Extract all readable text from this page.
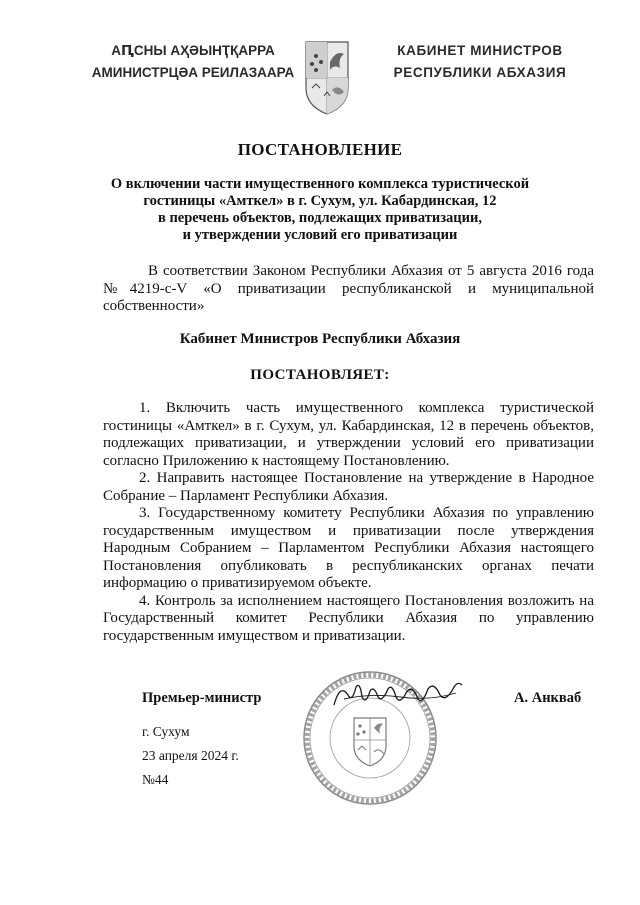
АԤСНЫ АҲӘЫНҬҚАРРА
АМИНИСТРЦӘА РЕИЛАЗААРА
КАБИНЕТ МИНИСТРОВ
РЕСПУБЛИКИ АБХАЗИЯ
ПОСТАНОВЛЕНИЕ
О включении части имущественного комплекса туристической
гостиницы «Амткел» в г. Сухум, ул. Кабардинская, 12
в перечень объектов, подлежащих приватизации,
и утверждении условий его приватизации

В соответствии Законом Республики Абхазия от 5 августа 2016 года №4219-с-V «О приватизации республиканской и муниципальной собственности»

Кабинет Министров Республики Абхазия
ПОСТАНОВЛЯЕТ:

1. Включить часть имущественного комплекса туристической гостиницы «Амткел» в г. Сухум, ул. Кабардинская, 12 в перечень объектов, подлежащих приватизации, и утверждении условий его приватизации согласно Приложению к настоящему Постановлению.

2. Направить настоящее Постановление на утверждение в Народное Собрание – Парламент Республики Абхазия.

3. Государственному комитету Республики Абхазия по управлению государственным имуществом и приватизации после утверждения Народным Собранием – Парламентом Республики Абхазия настоящего Постановления опубликовать в республиканских органах печати информацию о приватизируемом объекте.

4. Контроль за исполнением настоящего Постановления возложить на Государственный комитет Республики Абхазия по управлению государственным имуществом и приватизации.

Премьер-министр	А. Анкваб
г. Сухум
23 апреля 2024 г.
№44
